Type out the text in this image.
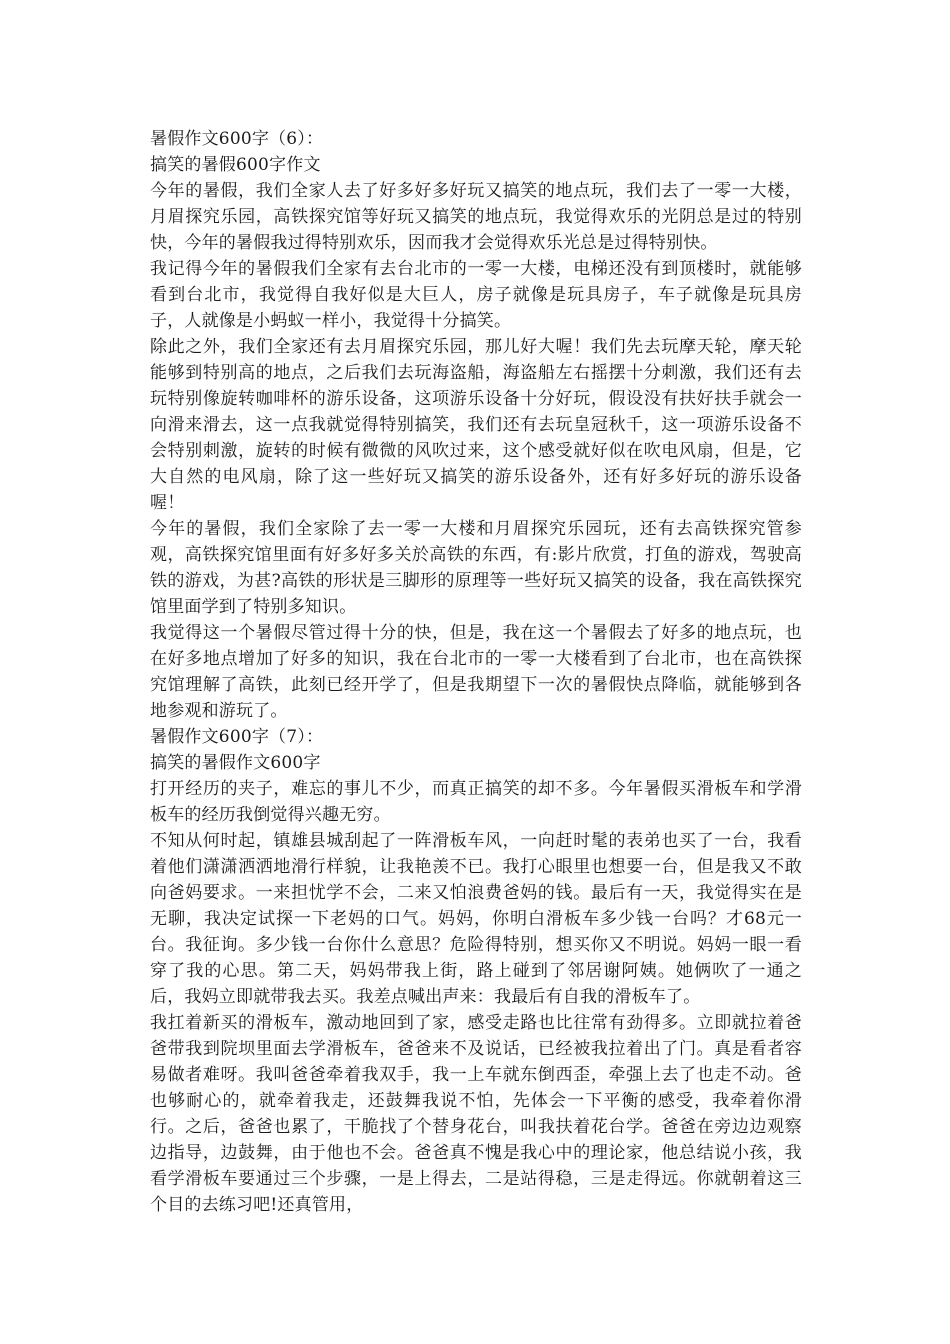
暑假作文600字（6）：

搞笑的暑假600字作文

今年的暑假，我们全家人去了好多好多好玩又搞笑的地点玩，我们去了一零一大楼，月眉探究乐园，高铁探究馆等好玩又搞笑的地点玩，我觉得欢乐的光阴总是过的特别快，今年的暑假我过得特别欢乐，因而我才会觉得欢乐光总是过得特别快。

我记得今年的暑假我们全家有去台北市的一零一大楼，电梯还没有到顶楼时，就能够看到台北市，我觉得自我好似是大巨人，房子就像是玩具房子，车子就像是玩具房子，人就像是小蚂蚁一样小，我觉得十分搞笑。

除此之外，我们全家还有去月眉探究乐园，那儿好大喔！我们先去玩摩天轮，摩天轮能够到特别高的地点，之后我们去玩海盗船，海盗船左右摇摆十分刺激，我们还有去玩特别像旋转咖啡杯的游乐设备，这项游乐设备十分好玩，假设没有扶好扶手就会一向滑来滑去，这一点我就觉得特别搞笑，我们还有去玩皇冠秋千，这一项游乐设备不会特别刺激，旋转的时候有微微的风吹过来，这个感受就好似在吹电风扇，但是，它大自然的电风扇，除了这一些好玩又搞笑的游乐设备外，还有好多好玩的游乐设备喔！

今年的暑假，我们全家除了去一零一大楼和月眉探究乐园玩，还有去高铁探究管参观，高铁探究馆里面有好多好多关於高铁的东西，有:影片欣赏，打鱼的游戏，驾驶高铁的游戏，为甚?高铁的形状是三脚形的原理等一些好玩又搞笑的设备，我在高铁探究馆里面学到了特别多知识。

我觉得这一个暑假尽管过得十分的快，但是，我在这一个暑假去了好多的地点玩，也在好多地点增加了好多的知识，我在台北市的一零一大楼看到了台北市，也在高铁探究馆理解了高铁，此刻已经开学了，但是我期望下一次的暑假快点降临，就能够到各地参观和游玩了。

暑假作文600字（7）：

搞笑的暑假作文600字

打开经历的夹子，难忘的事儿不少，而真正搞笑的却不多。今年暑假买滑板车和学滑板车的经历我倒觉得兴趣无穷。

不知从何时起，镇雄县城刮起了一阵滑板车风，一向赶时髦的表弟也买了一台，我看着他们潇潇洒洒地滑行样貌，让我艳羡不已。我打心眼里也想要一台，但是我又不敢向爸妈要求。一来担忧学不会，二来又怕浪费爸妈的钱。最后有一天，我觉得实在是无聊，我决定试探一下老妈的口气。妈妈，你明白滑板车多少钱一台吗？才68元一台。我征询。多少钱一台你什么意思？危险得特别，想买你又不明说。妈妈一眼一看穿了我的心思。第二天，妈妈带我上街，路上碰到了邻居谢阿姨。她俩吹了一通之后，我妈立即就带我去买。我差点喊出声来：我最后有自我的滑板车了。

我扛着新买的滑板车，激动地回到了家，感受走路也比往常有劲得多。立即就拉着爸爸带我到院坝里面去学滑板车，爸爸来不及说话，已经被我拉着出了门。真是看者容易做者难呀。我叫爸爸牵着我双手，我一上车就东倒西歪，牵强上去了也走不动。爸也够耐心的，就牵着我走，还鼓舞我说不怕，先体会一下平衡的感受，我牵着你滑行。之后，爸爸也累了，干脆找了个替身花台，叫我扶着花台学。爸爸在旁边边观察边指导，边鼓舞，由于他也不会。爸爸真不愧是我心中的理论家，他总结说小孩，我看学滑板车要通过三个步骤，一是上得去，二是站得稳，三是走得远。你就朝着这三个目的去练习吧!还真管用，
